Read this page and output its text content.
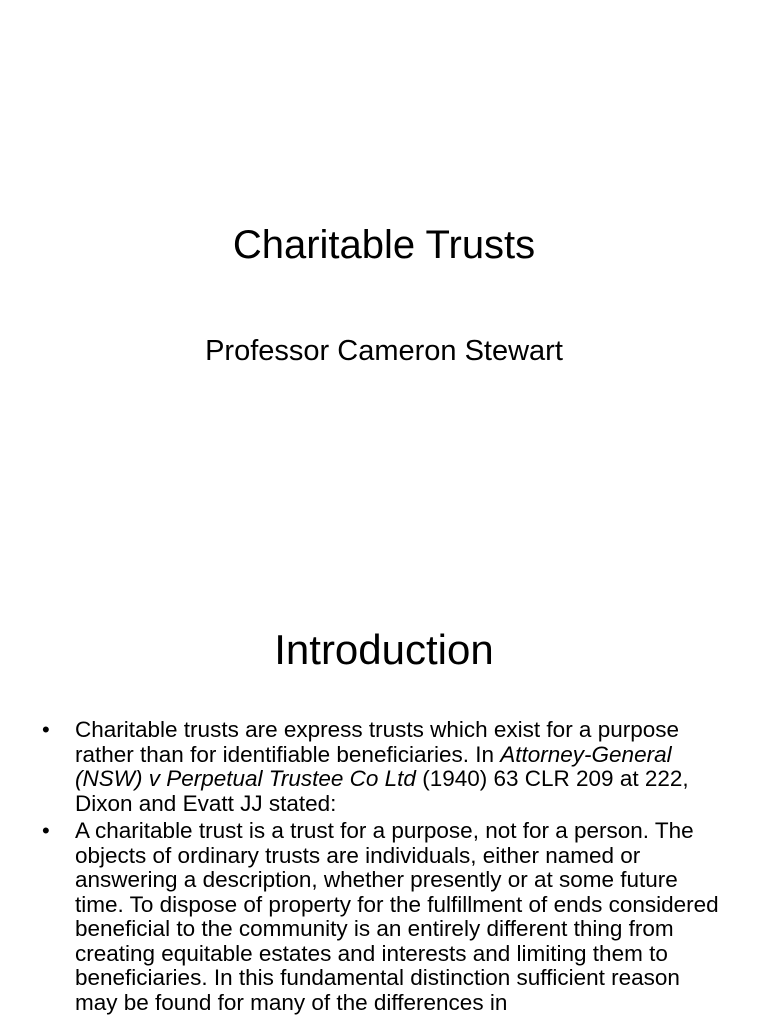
Charitable Trusts
Professor Cameron Stewart
Introduction
• Charitable trusts are express trusts which exist for a purpose rather than for identifiable beneficiaries. In Attorney-General (NSW) v Perpetual Trustee Co Ltd (1940) 63 CLR 209 at 222, Dixon and Evatt JJ stated:
• A charitable trust is a trust for a purpose, not for a person. The objects of ordinary trusts are individuals, either named or answering a description, whether presently or at some future time. To dispose of property for the fulfillment of ends considered beneficial to the community is an entirely different thing from creating equitable estates and interests and limiting them to beneficiaries. In this fundamental distinction sufficient reason may be found for many of the differences in
